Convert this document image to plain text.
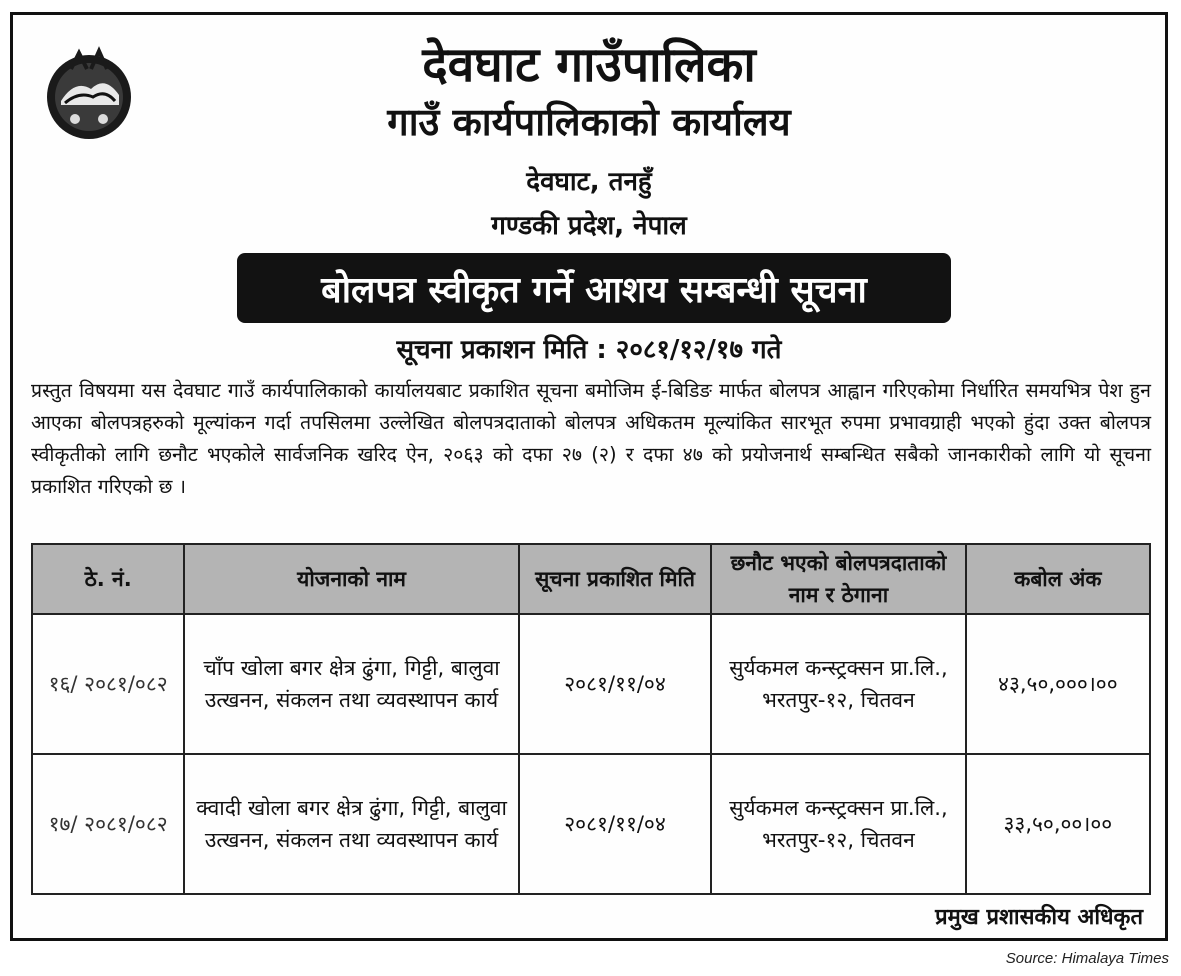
देवघाट गाउँपालिका
गाउँ कार्यपालिकाको कार्यालय
देवघाट, तनहुँ
गण्डकी प्रदेश, नेपाल
बोलपत्र स्वीकृत गर्ने आशय सम्बन्धी सूचना
सूचना प्रकाशन मिति : २०८१/१२/१७ गते
प्रस्तुत विषयमा यस देवघाट गाउँ कार्यपालिकाको कार्यालयबाट प्रकाशित सूचना बमोजिम ई-बिडिङ मार्फत बोलपत्र आह्वान गरिएकोमा निर्धारित समयभित्र पेश हुन आएका बोलपत्रहरुको मूल्यांकन गर्दा तपसिलमा उल्लेखित बोलपत्रदाताको बोलपत्र अधिकतम मूल्यांकित सारभूत रुपमा प्रभावग्राही भएको हुंदा उक्त बोलपत्र स्वीकृतीको लागि छनौट भएकोले सार्वजनिक खरिद ऐन, २०६३ को दफा २७ (२) र दफा ४७ को प्रयोजनार्थ सम्बन्धित सबैको जानकारीको लागि यो सूचना प्रकाशित गरिएको छ ।
ठे. नं.	योजनाको नाम	सूचना प्रकाशित मिति	छनौट भएको बोलपत्रदाताको नाम र ठेगाना	कबोल अंक
१६/ २०८१/०८२	चाँप खोला बगर क्षेत्र ढुंगा, गिट्टी, बालुवा उत्खनन, संकलन तथा व्यवस्थापन कार्य	२०८१/११/०४	सुर्यकमल कन्स्ट्रक्सन प्रा.लि., भरतपुर-१२, चितवन	४३,५०,०००।००
१७/ २०८१/०८२	क्वादी खोला बगर क्षेत्र ढुंगा, गिट्टी, बालुवा उत्खनन, संकलन तथा व्यवस्थापन कार्य	२०८१/११/०४	सुर्यकमल कन्स्ट्रक्सन प्रा.लि., भरतपुर-१२, चितवन	३३,५०,००।००
प्रमुख प्रशासकीय अधिकृत
Source: Himalaya Times
